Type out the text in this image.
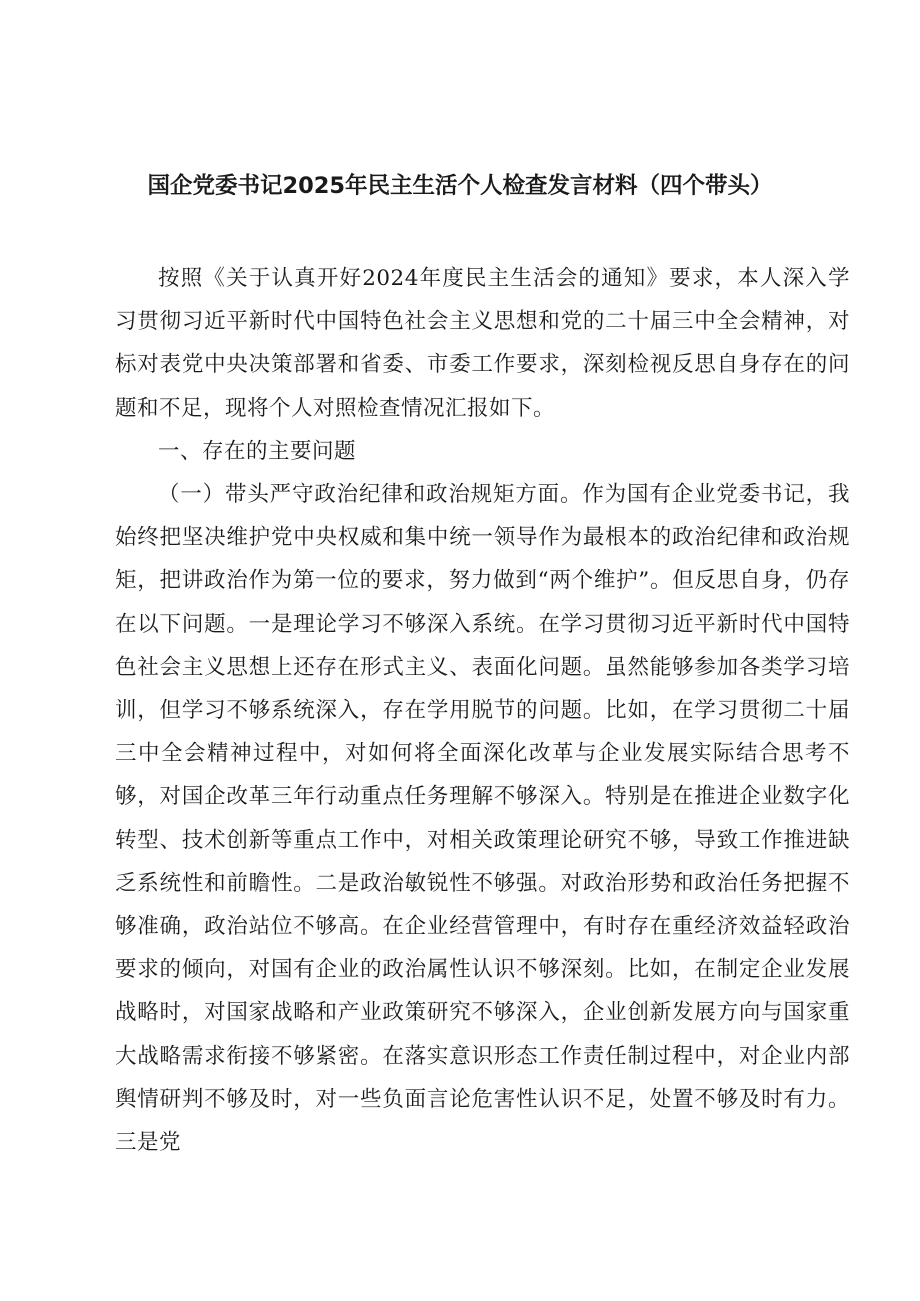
国企党委书记2025年民主生活个人检查发言材料（四个带头）

按照《关于认真开好2024年度民主生活会的通知》要求，本人深入学习贯彻习近平新时代中国特色社会主义思想和党的二十届三中全会精神，对标对表党中央决策部署和省委、市委工作要求，深刻检视反思自身存在的问题和不足，现将个人对照检查情况汇报如下。

一、存在的主要问题

（一）带头严守政治纪律和政治规矩方面。作为国有企业党委书记，我始终把坚决维护党中央权威和集中统一领导作为最根本的政治纪律和政治规矩，把讲政治作为第一位的要求，努力做到“两个维护”。但反思自身，仍存在以下问题。一是理论学习不够深入系统。在学习贯彻习近平新时代中国特色社会主义思想上还存在形式主义、表面化问题。虽然能够参加各类学习培训，但学习不够系统深入，存在学用脱节的问题。比如，在学习贯彻二十届三中全会精神过程中，对如何将全面深化改革与企业发展实际结合思考不够，对国企改革三年行动重点任务理解不够深入。特别是在推进企业数字化转型、技术创新等重点工作中，对相关政策理论研究不够，导致工作推进缺乏系统性和前瞻性。二是政治敏锐性不够强。对政治形势和政治任务把握不够准确，政治站位不够高。在企业经营管理中，有时存在重经济效益轻政治要求的倾向，对国有企业的政治属性认识不够深刻。比如，在制定企业发展战略时，对国家战略和产业政策研究不够深入，企业创新发展方向与国家重大战略需求衔接不够紧密。在落实意识形态工作责任制过程中，对企业内部舆情研判不够及时，对一些负面言论危害性认识不足，处置不够及时有力。三是党
